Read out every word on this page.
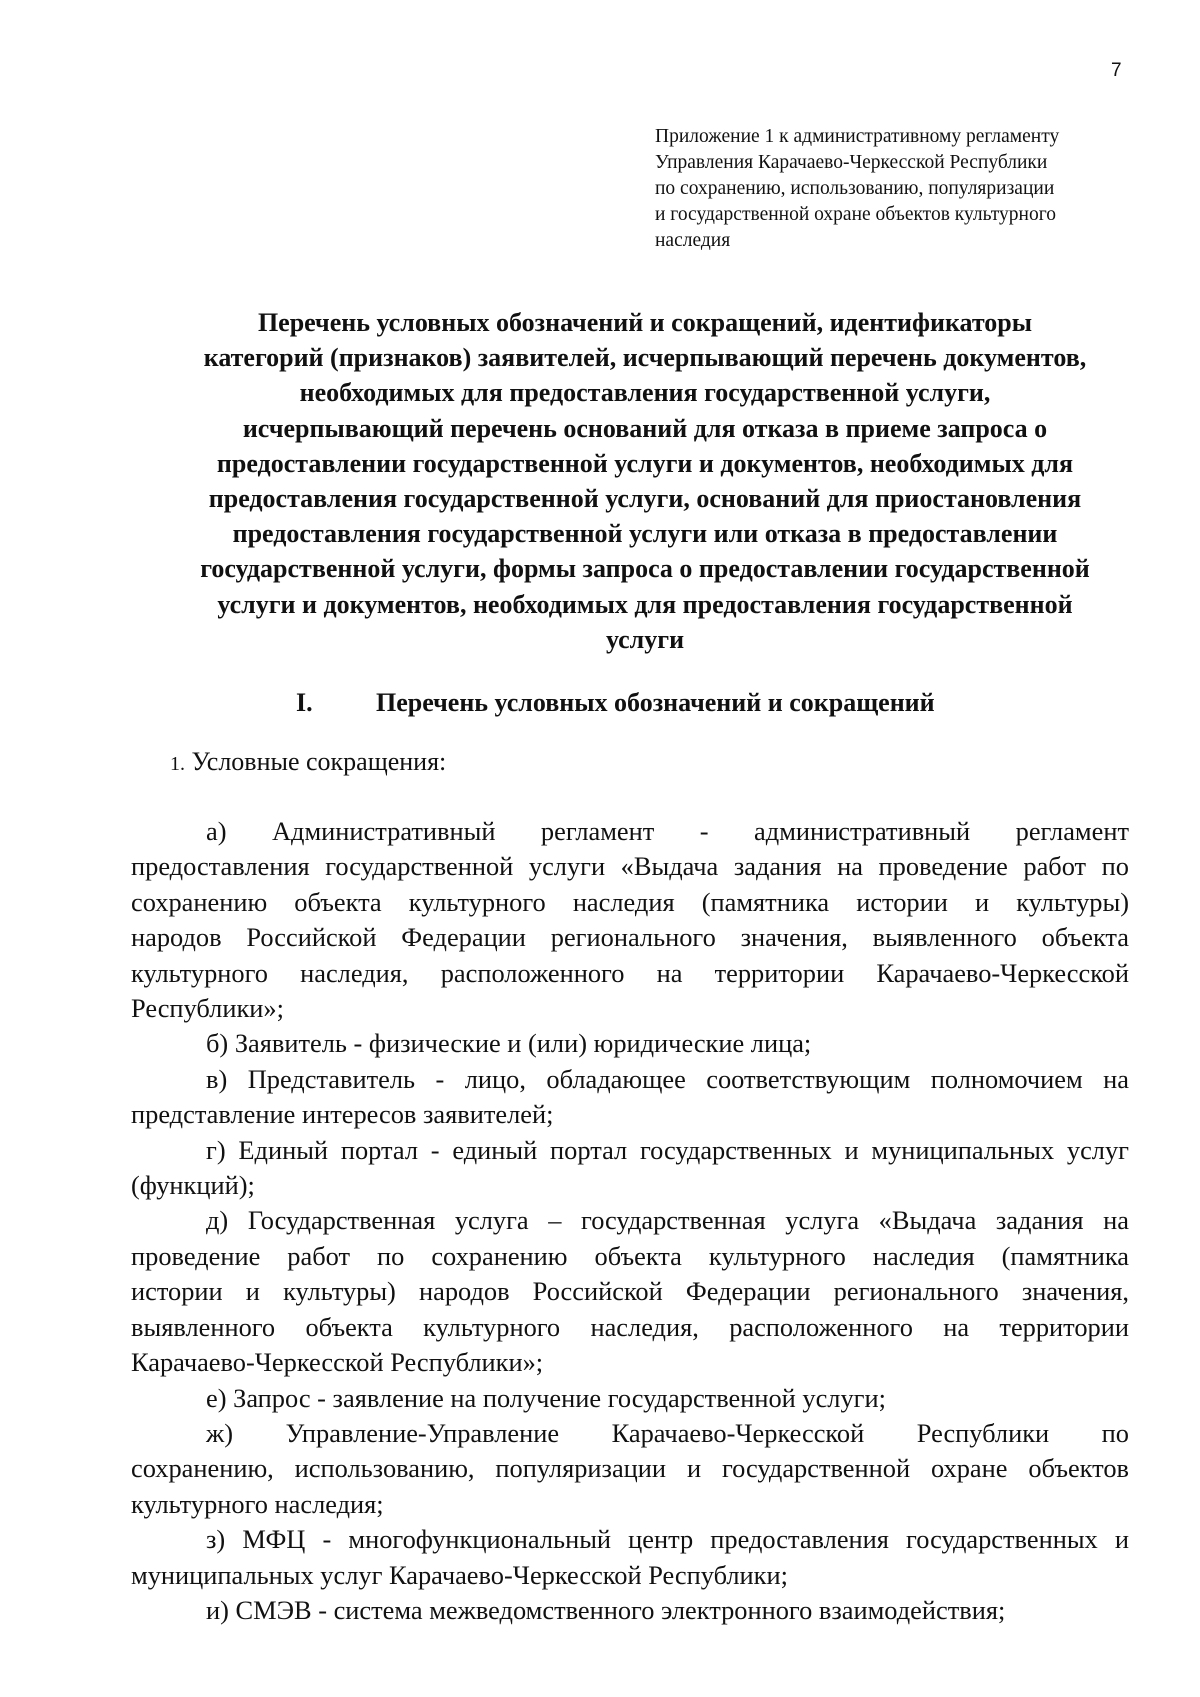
7
Приложение 1 к административному регламенту
Управления Карачаево-Черкесской Республики
по сохранению, использованию, популяризации
и государственной охране объектов культурного
наследия
Перечень условных обозначений и сокращений, идентификаторы
категорий (признаков) заявителей, исчерпывающий перечень документов,
необходимых для предоставления государственной услуги,
исчерпывающий перечень оснований для отказа в приеме запроса о
предоставлении государственной услуги и документов, необходимых для
предоставления государственной услуги, оснований для приостановления
предоставления государственной услуги или отказа в предоставлении
государственной услуги, формы запроса о предоставлении государственной
услуги и документов, необходимых для предоставления государственной
услуги
I. Перечень условных обозначений и сокращений
1. Условные сокращения:
а) Административный регламент - административный регламент
предоставления государственной услуги «Выдача задания на проведение работ по
сохранению объекта культурного наследия (памятника истории и культуры)
народов Российской Федерации регионального значения, выявленного объекта
культурного наследия, расположенного на территории Карачаево-Черкесской
Республики»;
б) Заявитель - физические и (или) юридические лица;
в) Представитель - лицо, обладающее соответствующим полномочием на
представление интересов заявителей;
г) Единый портал - единый портал государственных и муниципальных услуг
(функций);
д) Государственная услуга – государственная услуга «Выдача задания на
проведение работ по сохранению объекта культурного наследия (памятника
истории и культуры) народов Российской Федерации регионального значения,
выявленного объекта культурного наследия, расположенного на территории
Карачаево-Черкесской Республики»;
е) Запрос - заявление на получение государственной услуги;
ж) Управление-Управление Карачаево-Черкесской Республики по
сохранению, использованию, популяризации и государственной охране объектов
культурного наследия;
з) МФЦ - многофункциональный центр предоставления государственных и
муниципальных услуг Карачаево-Черкесской Республики;
и) СМЭВ - система межведомственного электронного взаимодействия;
